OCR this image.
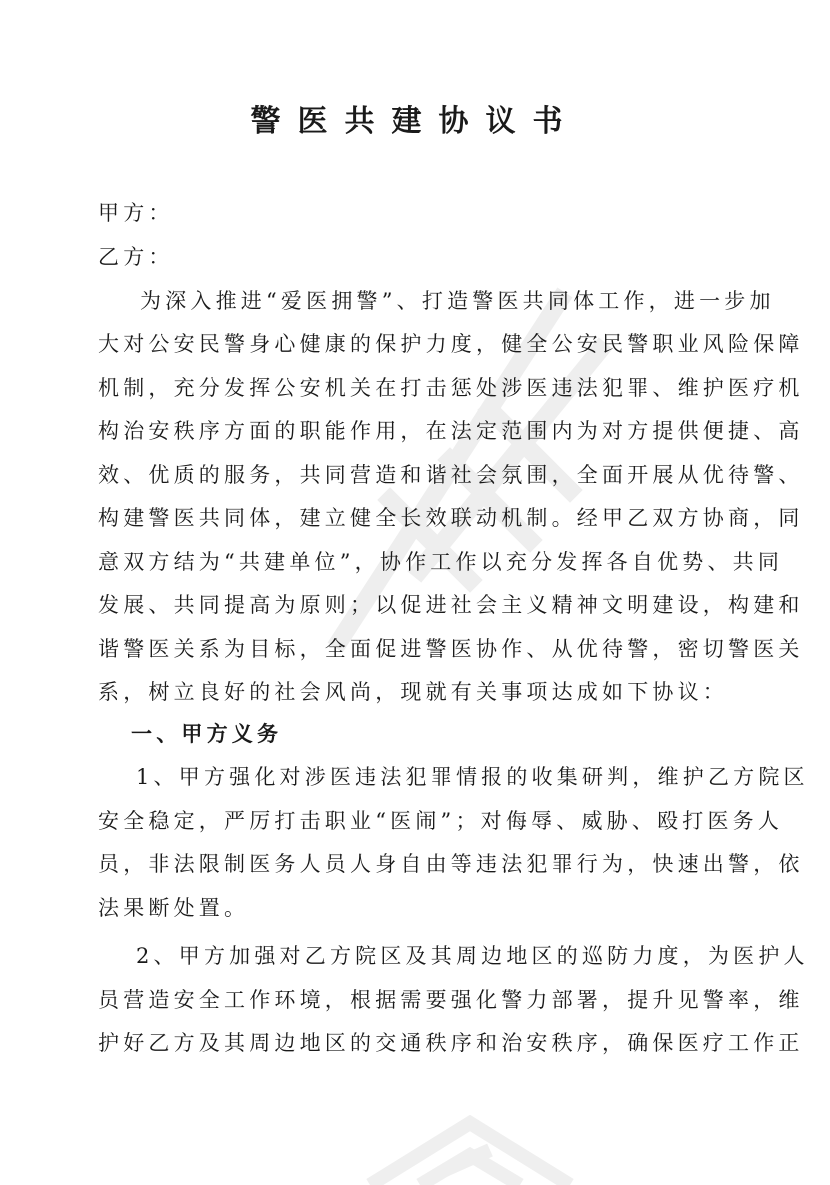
警医共建协议书
甲方：
乙方：
为深入推进“爱医拥警”、打造警医共同体工作，进一步加
大对公安民警身心健康的保护力度，健全公安民警职业风险保障
机制，充分发挥公安机关在打击惩处涉医违法犯罪、维护医疗机
构治安秩序方面的职能作用，在法定范围内为对方提供便捷、高
效、优质的服务，共同营造和谐社会氛围，全面开展从优待警、
构建警医共同体，建立健全长效联动机制。经甲乙双方协商，同
意双方结为“共建单位”，协作工作以充分发挥各自优势、共同
发展、共同提高为原则；以促进社会主义精神文明建设，构建和
谐警医关系为目标，全面促进警医协作、从优待警，密切警医关
系，树立良好的社会风尚，现就有关事项达成如下协议：
一、甲方义务
1、甲方强化对涉医违法犯罪情报的收集研判，维护乙方院区
安全稳定，严厉打击职业“医闹”；对侮辱、威胁、殴打医务人
员，非法限制医务人员人身自由等违法犯罪行为，快速出警，依
法果断处置。
2、甲方加强对乙方院区及其周边地区的巡防力度，为医护人
员营造安全工作环境，根据需要强化警力部署，提升见警率，维
护好乙方及其周边地区的交通秩序和治安秩序，确保医疗工作正
